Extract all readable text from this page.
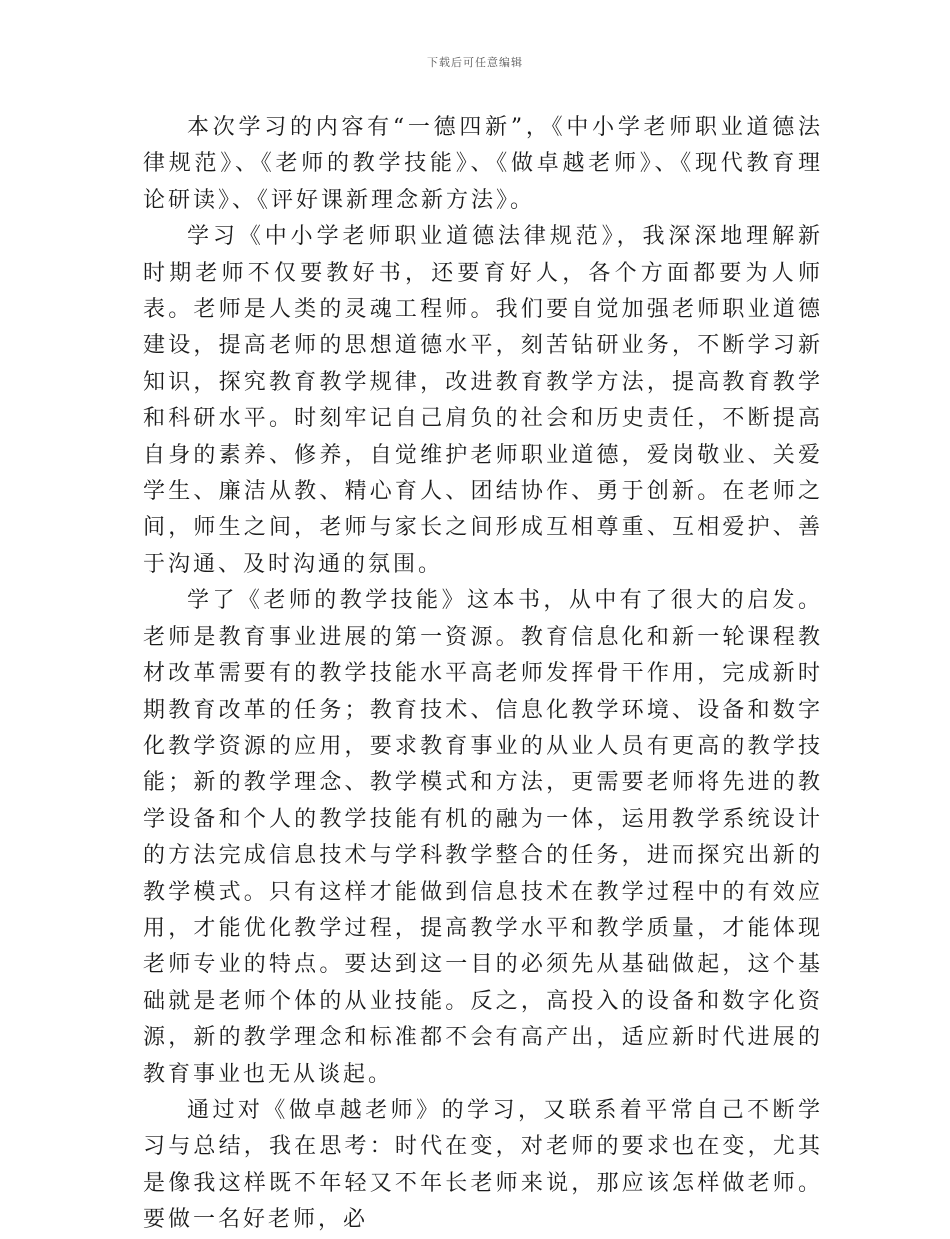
下载后可任意编辑

本次学习的内容有“一德四新”，《中小学老师职业道德法律规范》、《老师的教学技能》、《做卓越老师》、《现代教育理论研读》、《评好课新理念新方法》。

学习《中小学老师职业道德法律规范》，我深深地理解新时期老师不仅要教好书，还要育好人，各个方面都要为人师表。老师是人类的灵魂工程师。我们要自觉加强老师职业道德建设，提高老师的思想道德水平，刻苦钻研业务，不断学习新知识，探究教育教学规律，改进教育教学方法，提高教育教学和科研水平。时刻牢记自己肩负的社会和历史责任，不断提高自身的素养、修养，自觉维护老师职业道德，爱岗敬业、关爱学生、廉洁从教、精心育人、团结协作、勇于创新。在老师之间，师生之间，老师与家长之间形成互相尊重、互相爱护、善于沟通、及时沟通的氛围。

学了《老师的教学技能》这本书，从中有了很大的启发。老师是教育事业进展的第一资源。教育信息化和新一轮课程教材改革需要有的教学技能水平高老师发挥骨干作用，完成新时期教育改革的任务；教育技术、信息化教学环境、设备和数字化教学资源的应用，要求教育事业的从业人员有更高的教学技能；新的教学理念、教学模式和方法，更需要老师将先进的教学设备和个人的教学技能有机的融为一体，运用教学系统设计的方法完成信息技术与学科教学整合的任务，进而探究出新的教学模式。只有这样才能做到信息技术在教学过程中的有效应用，才能优化教学过程，提高教学水平和教学质量，才能体现老师专业的特点。要达到这一目的必须先从基础做起，这个基础就是老师个体的从业技能。反之，高投入的设备和数字化资源，新的教学理念和标准都不会有高产出，适应新时代进展的教育事业也无从谈起。

通过对《做卓越老师》的学习，又联系着平常自己不断学习与总结，我在思考：时代在变，对老师的要求也在变，尤其是像我这样既不年轻又不年长老师来说，那应该怎样做老师。要做一名好老师，必
